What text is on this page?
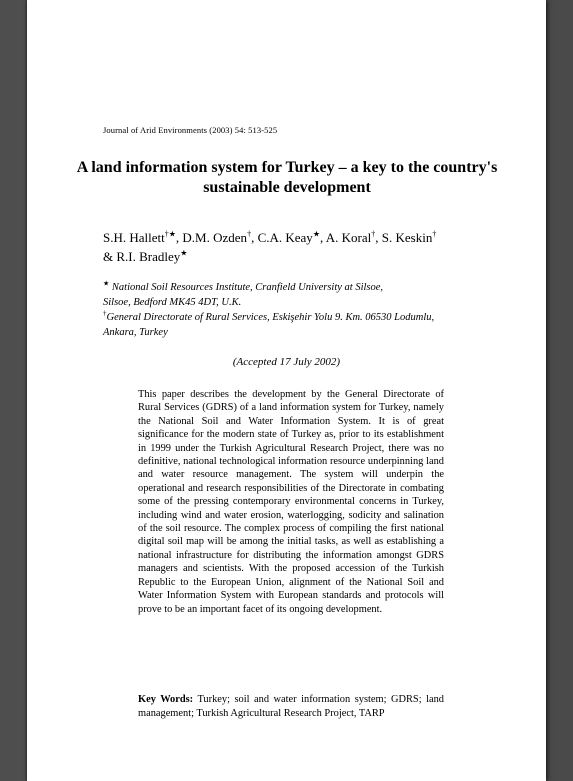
Journal of Arid Environments (2003) 54: 513-525
A land information system for Turkey – a key to the country's
sustainable development
S.H. Hallett†★, D.M. Ozden†, C.A. Keay★, A. Koral†, S. Keskin†
& R.I. Bradley★
★ National Soil Resources Institute, Cranfield University at Silsoe,
Silsoe, Bedford MK45 4DT, U.K.
†General Directorate of Rural Services, Eskişehir Yolu 9. Km. 06530 Lodumlu,
Ankara, Turkey
(Accepted 17 July 2002)
This paper describes the development by the General Directorate of Rural Services (GDRS) of a land information system for Turkey, namely the National Soil and Water Information System. It is of great significance for the modern state of Turkey as, prior to its establishment in 1999 under the Turkish Agricultural Research Project, there was no definitive, national technological information resource underpinning land and water resource management. The system will underpin the operational and research responsibilities of the Directorate in combating some of the pressing contemporary environmental concerns in Turkey, including wind and water erosion, waterlogging, sodicity and salination of the soil resource. The complex process of compiling the first national digital soil map will be among the initial tasks, as well as establishing a national infrastructure for distributing the information amongst GDRS managers and scientists. With the proposed accession of the Turkish Republic to the European Union, alignment of the National Soil and Water Information System with European standards and protocols will prove to be an important facet of its ongoing development.
Key Words: Turkey; soil and water information system; GDRS; land management; Turkish Agricultural Research Project, TARP
